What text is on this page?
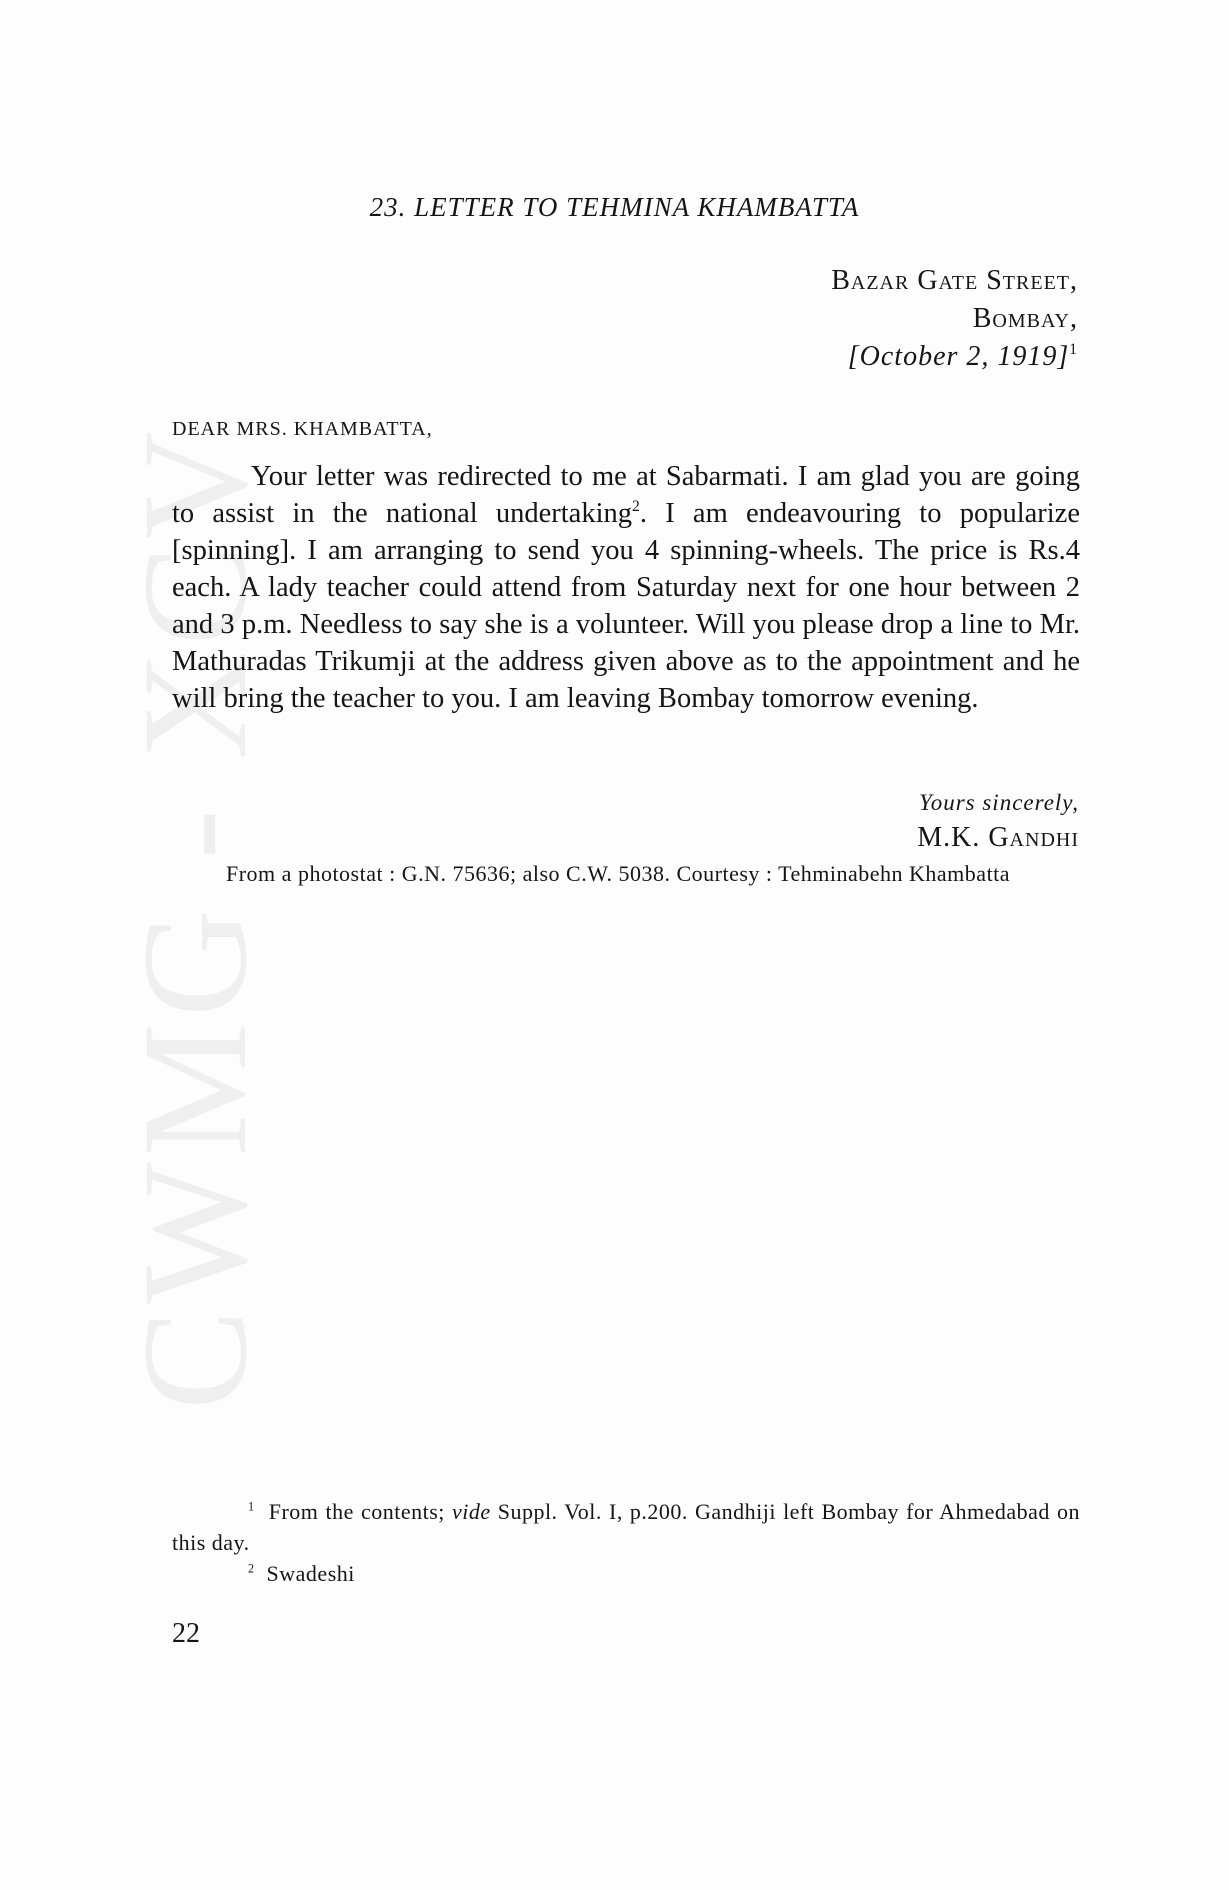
CWMG - XCV
23. LETTER TO TEHMINA KHAMBATTA
Bazar Gate Street,
Bombay,
[October 2, 1919]$^1$
DEAR MRS. KHAMBATTA,

Your letter was redirected to me at Sabarmati. I am glad you are going to assist in the national undertaking$^2$. I am endeavouring to popularize [spinning]. I am arranging to send you 4 spinning-wheels. The price is Rs.4 each. A lady teacher could attend from Saturday next for one hour between 2 and 3 p.m. Needless to say she is a volunteer. Will you please drop a line to Mr. Mathuradas Trikumji at the address given above as to the appointment and he will bring the teacher to you. I am leaving Bombay tomorrow evening.

Yours sincerely,
M.K. Gandhi

From a photostat : G.N. 75636; also C.W. 5038. Courtesy : Tehminabehn Khambatta

$^1$ From the contents; vide Suppl. Vol. I, p.200. Gandhiji left Bombay for Ahmedabad on this day.

$^2$ Swadeshi

22
